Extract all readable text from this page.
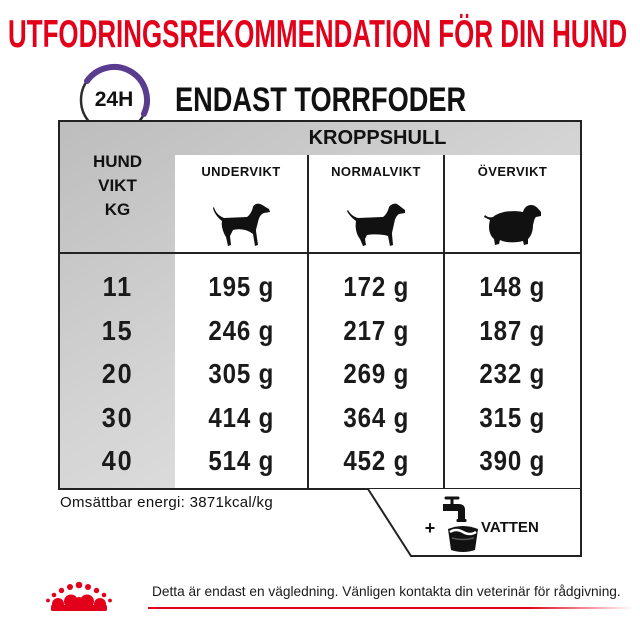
UTFODRINGSREKOMMENDATION FÖR DIN HUND
24H	ENDAST TORRFODER
KROPPSHULL
UNDERVIKT	NORMALVIKT	ÖVERVIKT
HUND
VIKT
KG
11	195 g	172 g	148 g
15	246 g	217 g	187 g
20	305 g	269 g	232 g
30	414 g	364 g	315 g
40	514 g	452 g	390 g
Omsättbar energi: 3871kcal/kg
+	VATTEN
Detta är endast en vägledning. Vänligen kontakta din veterinär för rådgivning.
